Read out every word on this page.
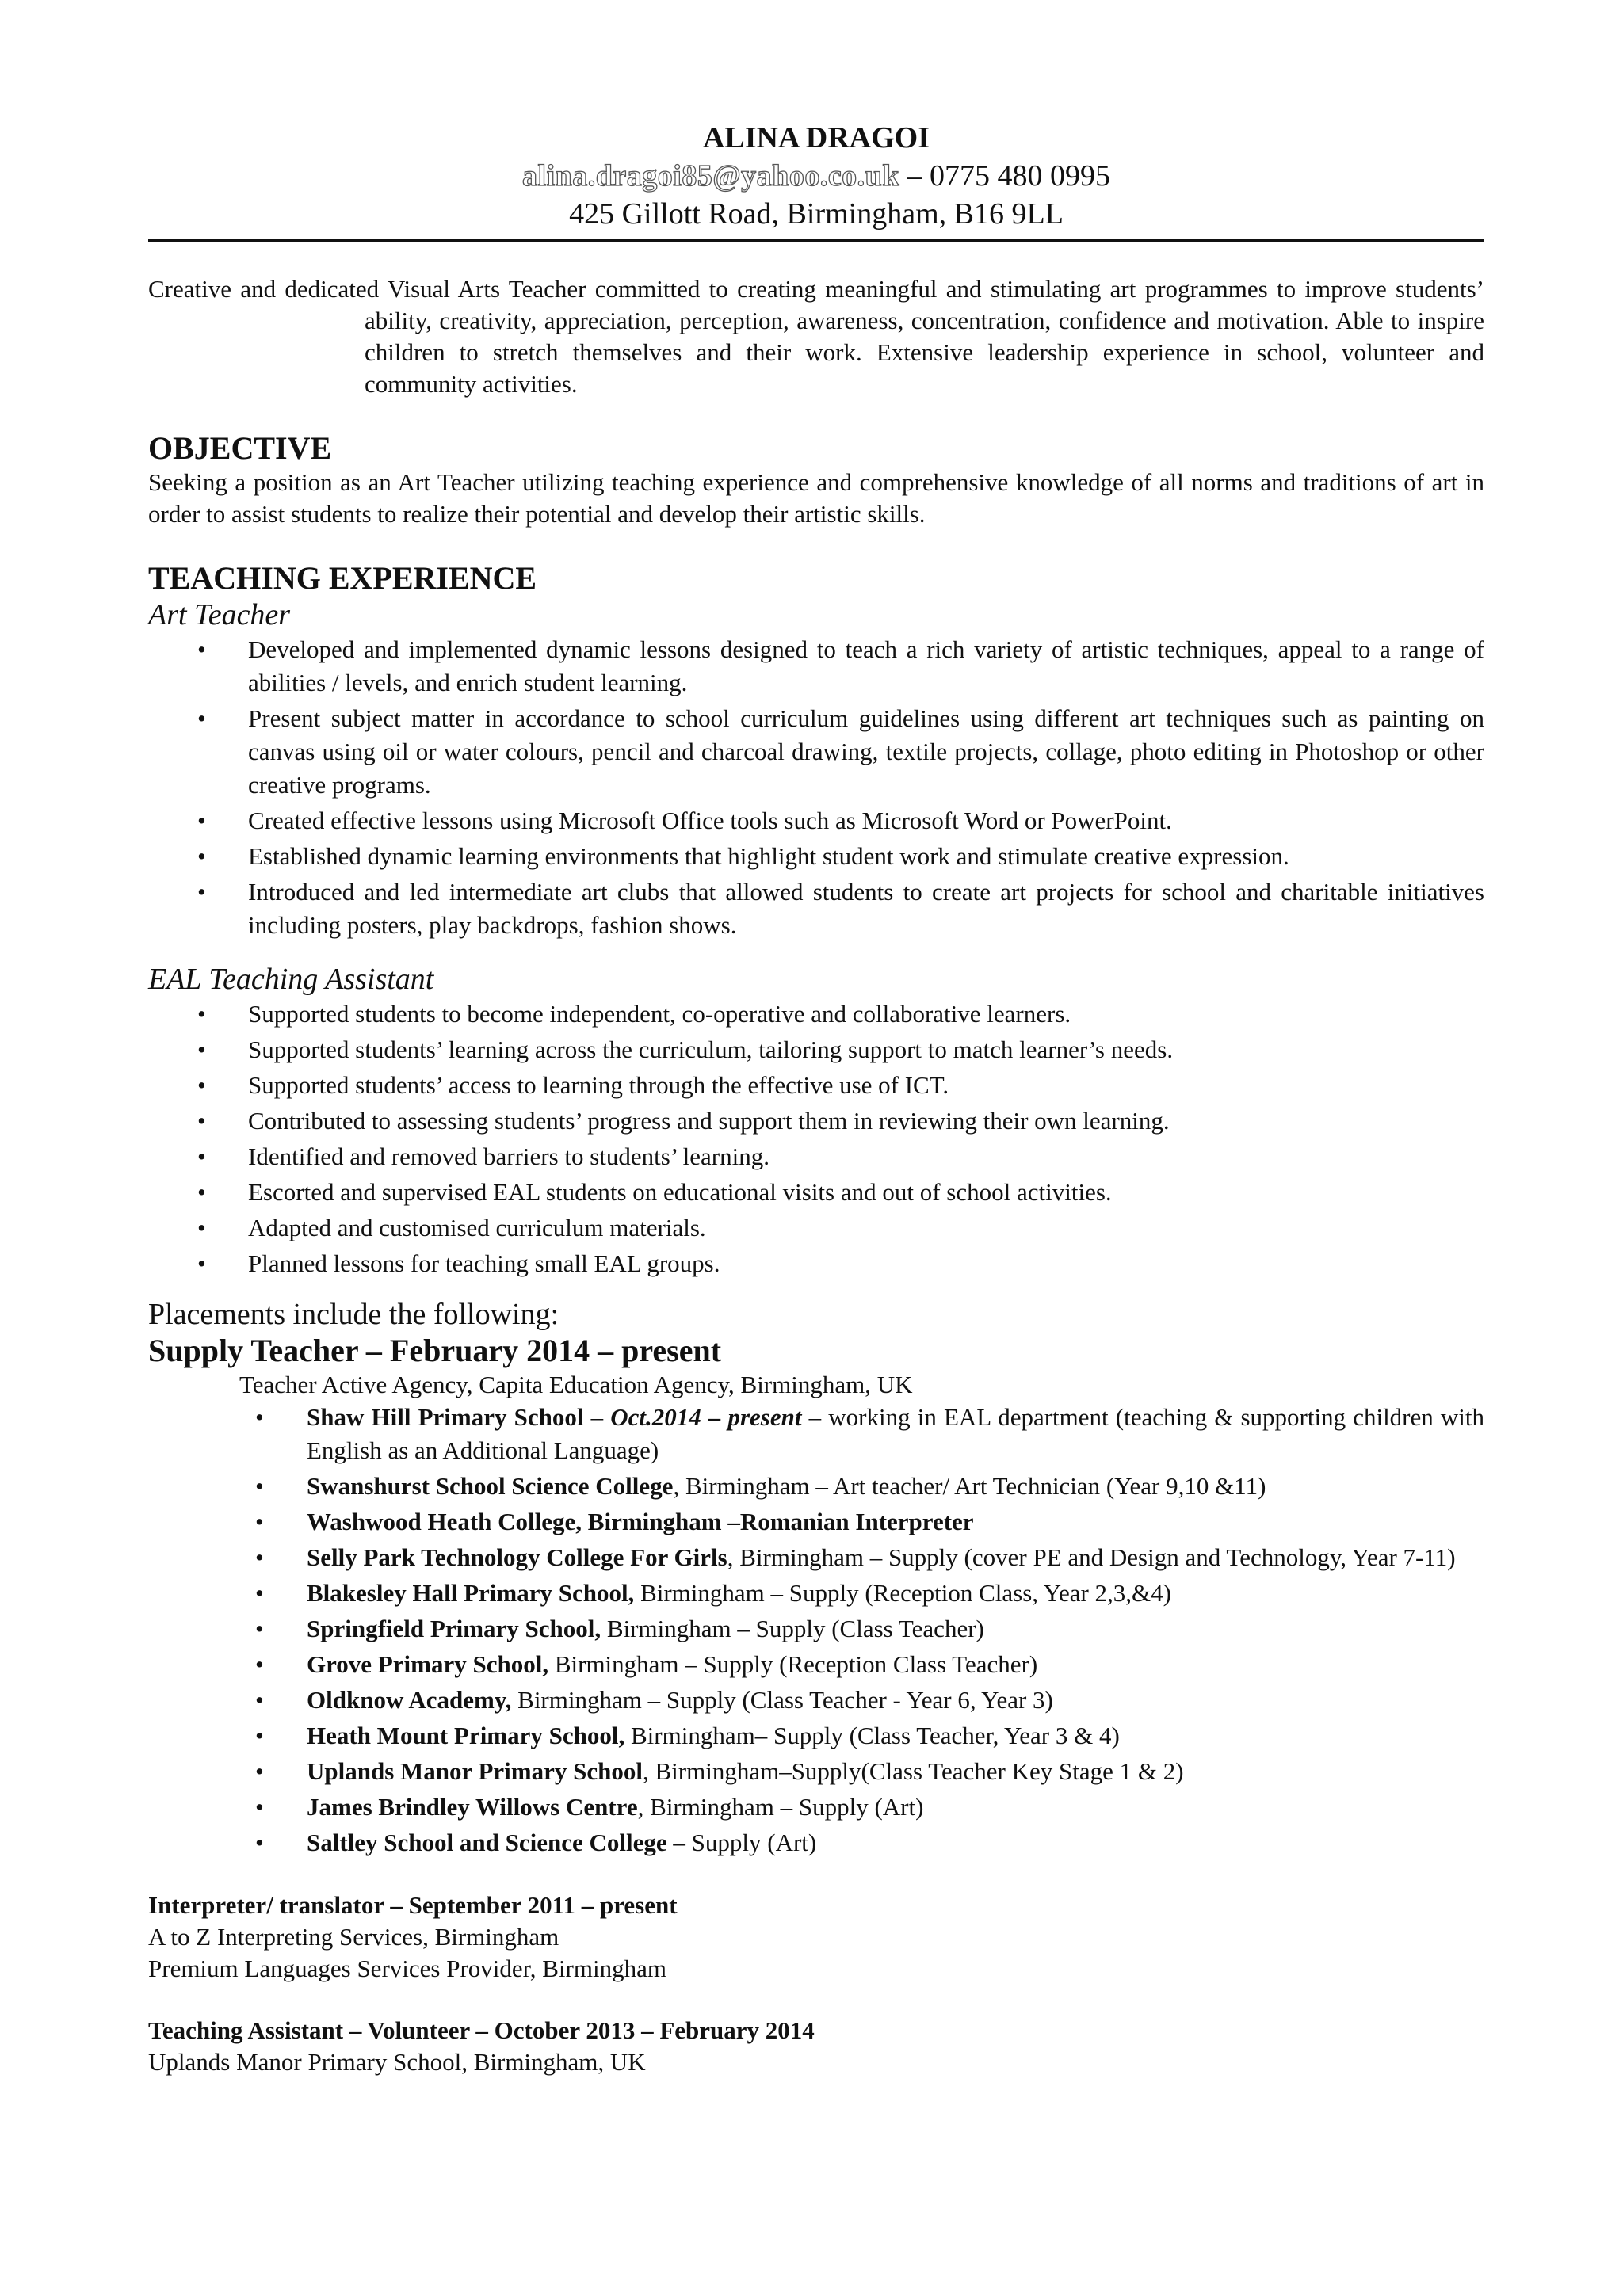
ALINA DRAGOI
alina.dragoi85@yahoo.co.uk – 0775 480 0995
425 Gillott Road, Birmingham, B16 9LL
Creative and dedicated Visual Arts Teacher committed to creating meaningful and stimulating art programmes to improve students’ ability, creativity, appreciation, perception, awareness, concentration, confidence and motivation. Able to inspire children to stretch themselves and their work. Extensive leadership experience in school, volunteer and community activities.
OBJECTIVE
Seeking a position as an Art Teacher utilizing teaching experience and comprehensive knowledge of all norms and traditions of art in order to assist students to realize their potential and develop their artistic skills.
TEACHING EXPERIENCE
Art Teacher
• Developed and implemented dynamic lessons designed to teach a rich variety of artistic techniques, appeal to a range of abilities / levels, and enrich student learning.
• Present subject matter in accordance to school curriculum guidelines using different art techniques such as painting on canvas using oil or water colours, pencil and charcoal drawing, textile projects, collage, photo editing in Photoshop or other creative programs.
• Created effective lessons using Microsoft Office tools such as Microsoft Word or PowerPoint.
• Established dynamic learning environments that highlight student work and stimulate creative expression.
• Introduced and led intermediate art clubs that allowed students to create art projects for school and charitable initiatives including posters, play backdrops, fashion shows.
EAL Teaching Assistant
• Supported students to become independent, co-operative and collaborative learners.
• Supported students’ learning across the curriculum, tailoring support to match learner’s needs.
• Supported students’ access to learning through the effective use of ICT.
• Contributed to assessing students’ progress and support them in reviewing their own learning.
• Identified and removed barriers to students’ learning.
• Escorted and supervised EAL students on educational visits and out of school activities.
• Adapted and customised curriculum materials.
• Planned lessons for teaching small EAL groups.
Placements include the following:
Supply Teacher – February 2014 – present
Teacher Active Agency, Capita Education Agency, Birmingham, UK
• Shaw Hill Primary School – Oct.2014 – present – working in EAL department (teaching & supporting children with English as an Additional Language)
• Swanshurst School Science College, Birmingham – Art teacher/ Art Technician (Year 9,10 &11)
• Washwood Heath College, Birmingham –Romanian Interpreter
• Selly Park Technology College For Girls, Birmingham – Supply (cover PE and Design and Technology, Year 7-11)
• Blakesley Hall Primary School, Birmingham – Supply (Reception Class, Year 2,3,&4)
• Springfield Primary School, Birmingham – Supply (Class Teacher)
• Grove Primary School, Birmingham – Supply (Reception Class Teacher)
• Oldknow Academy, Birmingham – Supply (Class Teacher - Year 6, Year 3)
• Heath Mount Primary School, Birmingham– Supply (Class Teacher, Year 3 & 4)
• Uplands Manor Primary School, Birmingham–Supply(Class Teacher Key Stage 1 & 2)
• James Brindley Willows Centre, Birmingham – Supply (Art)
• Saltley School and Science College – Supply (Art)
Interpreter/ translator – September 2011 – present
A to Z Interpreting Services, Birmingham
Premium Languages Services Provider, Birmingham
Teaching Assistant – Volunteer – October 2013 – February 2014
Uplands Manor Primary School, Birmingham, UK
